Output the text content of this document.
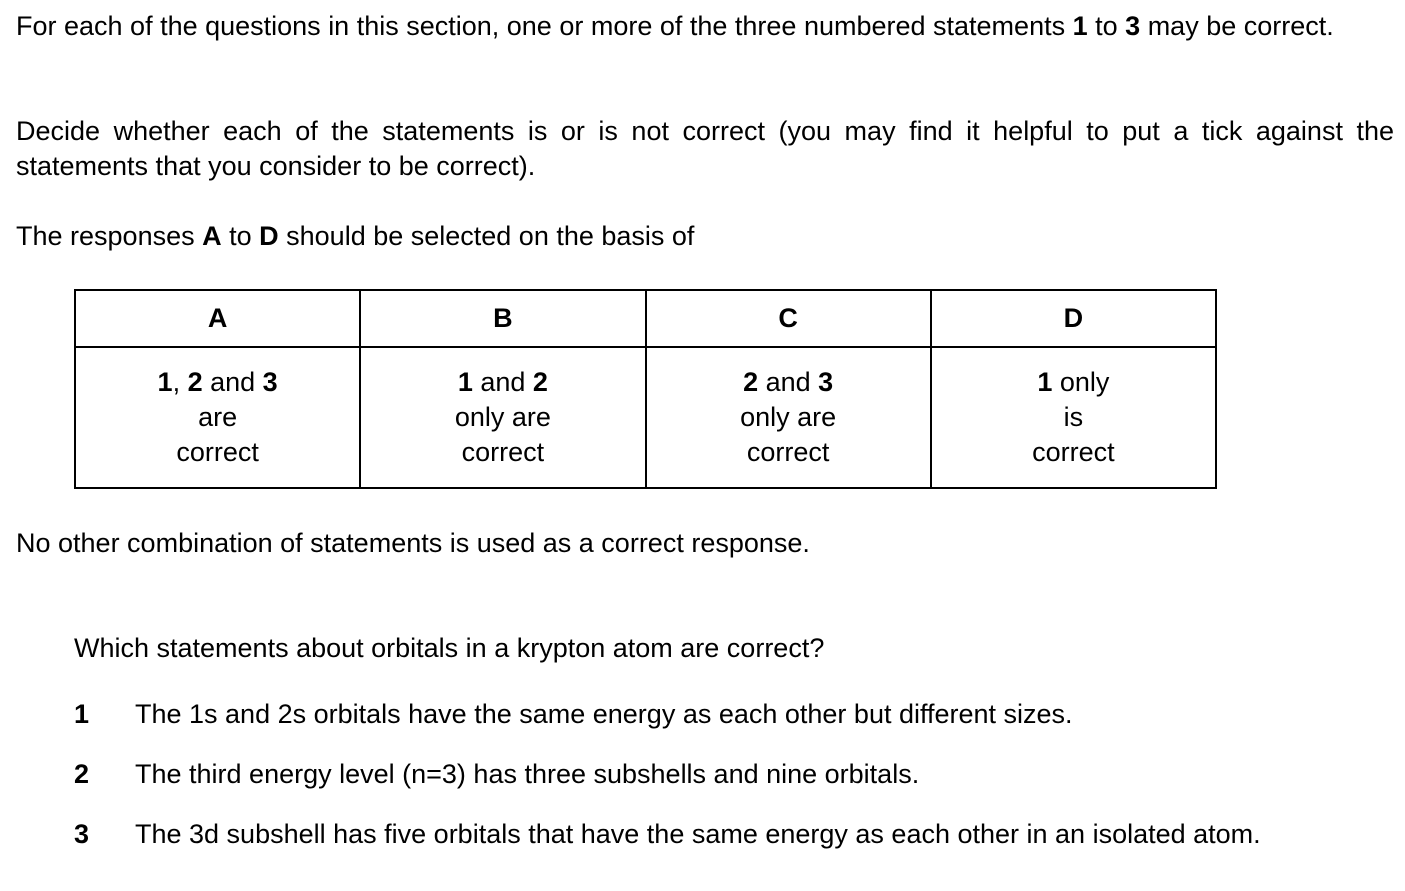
For each of the questions in this section, one or more of the three numbered statements 1 to 3 may be correct.

Decide whether each of the statements is or is not correct (you may find it helpful to put a tick against the statements that you consider to be correct).

The responses A to D should be selected on the basis of

A	B	C	D

1, 2 and 3
are
correct	1 and 2
only are
correct	2 and 3
only are
correct	1 only
is
correct

No other combination of statements is used as a correct response.

Which statements about orbitals in a krypton atom are correct?

1 The 1s and 2s orbitals have the same energy as each other but different sizes.
2 The third energy level (n=3) has three subshells and nine orbitals.
3 The 3d subshell has five orbitals that have the same energy as each other in an isolated atom.
